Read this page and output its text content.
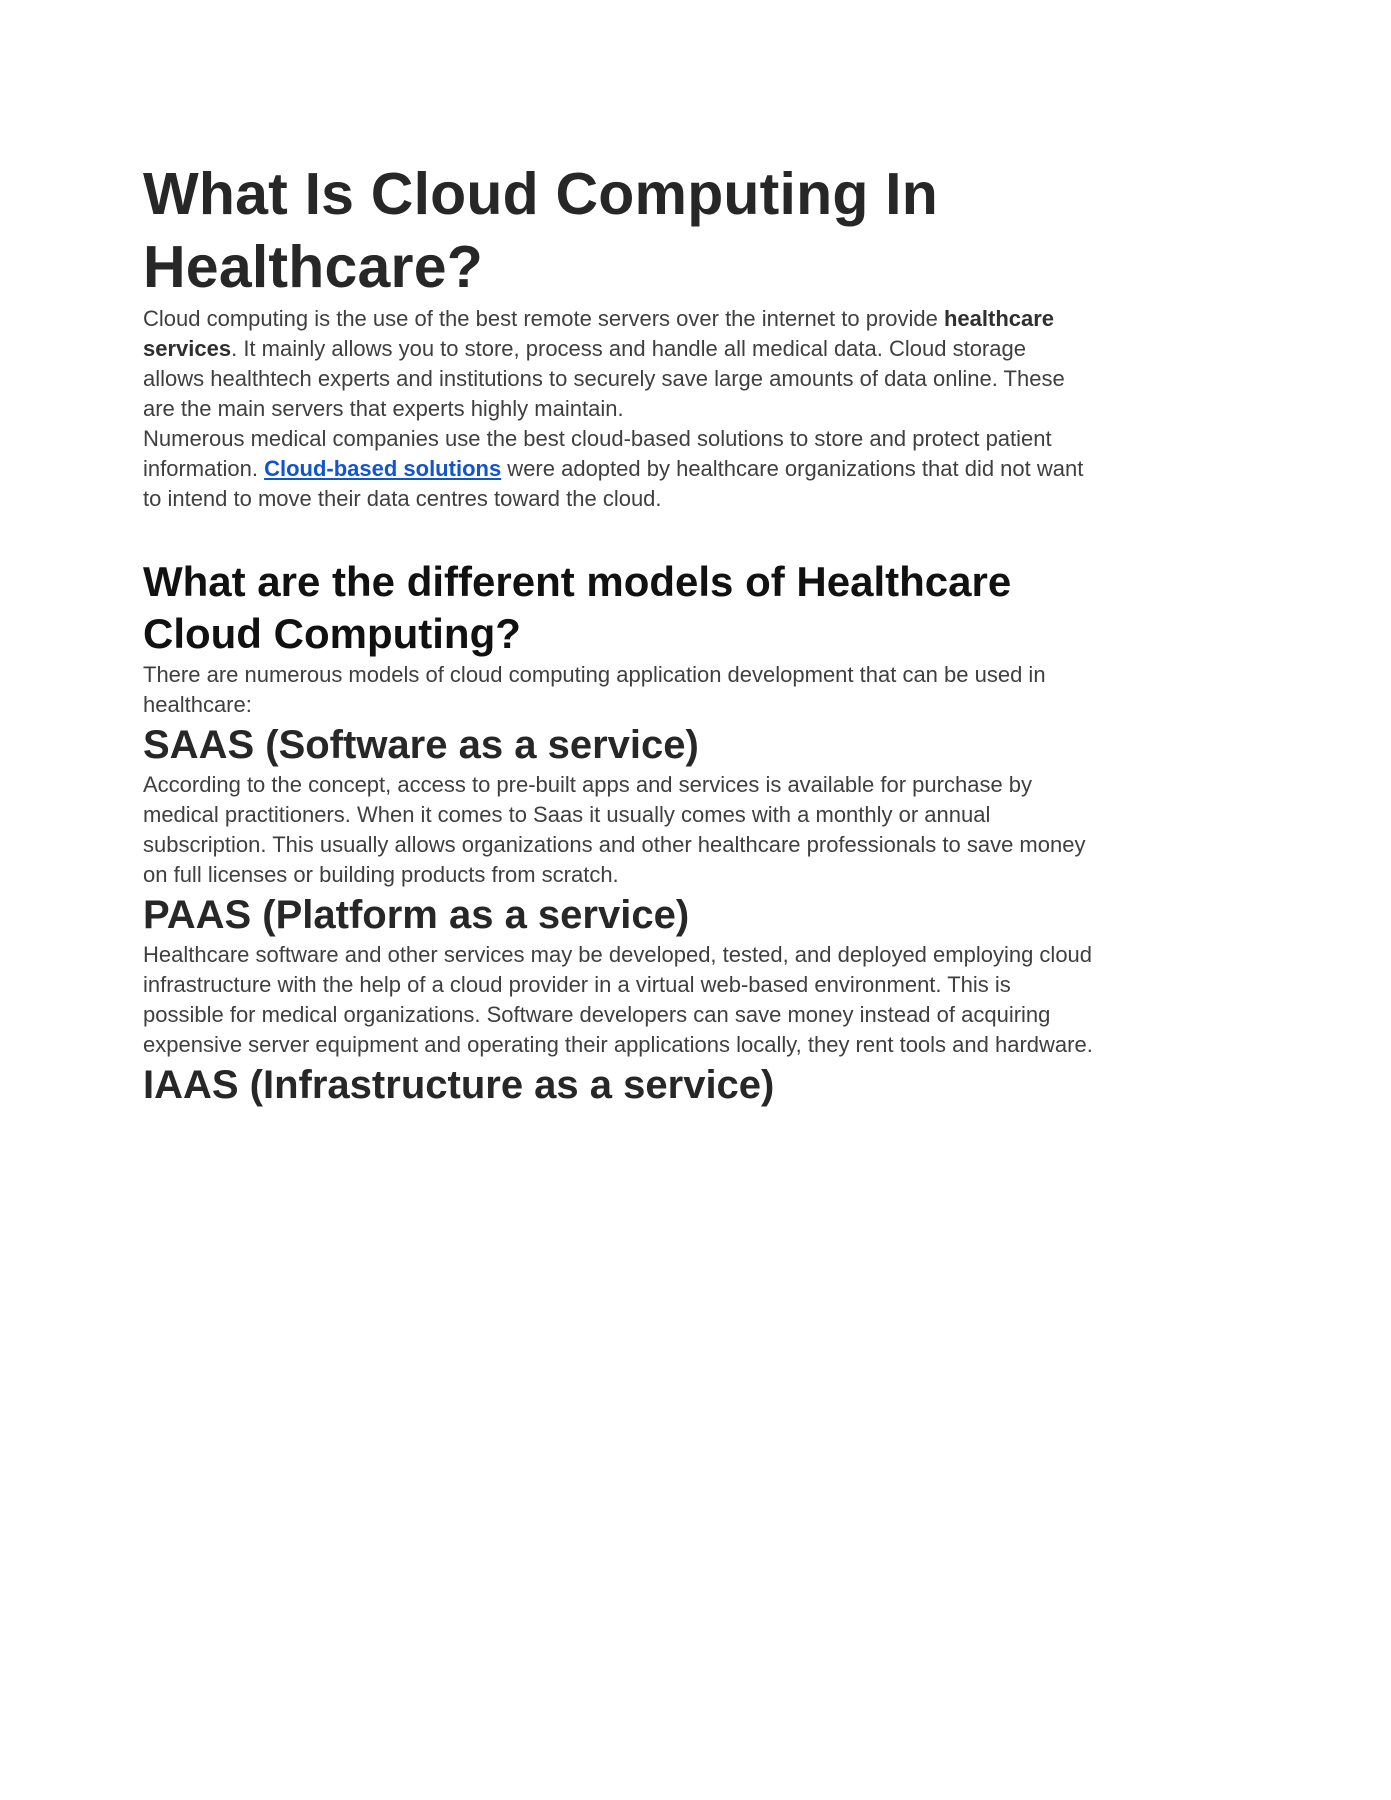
What Is Cloud Computing In Healthcare?

Cloud computing is the use of the best remote servers over the internet to provide healthcare services. It mainly allows you to store, process and handle all medical data. Cloud storage allows healthtech experts and institutions to securely save large amounts of data online. These are the main servers that experts highly maintain.

Numerous medical companies use the best cloud-based solutions to store and protect patient information. Cloud-based solutions were adopted by healthcare organizations that did not want to intend to move their data centres toward the cloud.

What are the different models of Healthcare Cloud Computing?

There are numerous models of cloud computing application development that can be used in healthcare:

SAAS (Software as a service)

According to the concept, access to pre-built apps and services is available for purchase by medical practitioners. When it comes to Saas it usually comes with a monthly or annual subscription. This usually allows organizations and other healthcare professionals to save money on full licenses or building products from scratch.

PAAS (Platform as a service)

Healthcare software and other services may be developed, tested, and deployed employing cloud infrastructure with the help of a cloud provider in a virtual web-based environment. This is possible for medical organizations. Software developers can save money instead of acquiring expensive server equipment and operating their applications locally, they rent tools and hardware.

IAAS (Infrastructure as a service)
